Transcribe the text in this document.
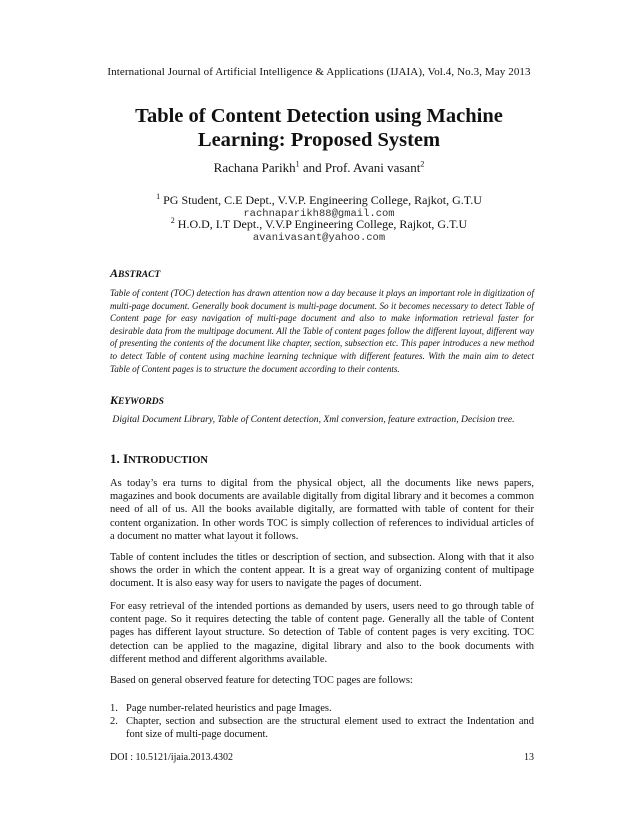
International Journal of Artificial Intelligence & Applications (IJAIA), Vol.4, No.3, May 2013
Table of Content Detection using Machine
Learning: Proposed System
Rachana Parikh$^1$ and Prof. Avani vasant$^2$
$^1$ PG Student, C.E Dept., V.V.P. Engineering College, Rajkot, G.T.U
rachnaparikh88@gmail.com
$^2$ H.O.D, I.T Dept., V.V.P Engineering College, Rajkot, G.T.U
avanivasant@yahoo.com
ABSTRACT
Table of content (TOC) detection has drawn attention now a day because it plays an important role in digitization of multi-page document. Generally book document is multi-page document. So it becomes necessary to detect Table of Content page for easy navigation of multi-page document and also to make information retrieval faster for desirable data from the multipage document. All the Table of content pages follow the different layout, different way of presenting the contents of the document like chapter, section, subsection etc. This paper introduces a new method to detect Table of content using machine learning technique with different features. With the main aim to detect Table of Content pages is to structure the document according to their contents.
KEYWORDS
Digital Document Library, Table of Content detection, Xml conversion, feature extraction, Decision tree.
1. INTRODUCTION
As today’s era turns to digital from the physical object, all the documents like news papers, magazines and book documents are available digitally from digital library and it becomes a common need of all of us. All the books available digitally, are formatted with table of content for their content organization. In other words TOC is simply collection of references to individual articles of a document no matter what layout it follows.
Table of content includes the titles or description of section, and subsection. Along with that it also shows the order in which the content appear. It is a great way of organizing content of multipage document. It is also easy way for users to navigate the pages of document.
For easy retrieval of the intended portions as demanded by users, users need to go through table of content page. So it requires detecting the table of content page. Generally all the table of Content pages has different layout structure. So detection of Table of content pages is very exciting. TOC detection can be applied to the magazine, digital library and also to the book documents with different method and different algorithms available.
Based on general observed feature for detecting TOC pages are follows:
1. Page number-related heuristics and page Images.
2. Chapter, section and subsection are the structural element used to extract the Indentation and font size of multi-page document.
DOI : 10.5121/ijaia.2013.4302	13
